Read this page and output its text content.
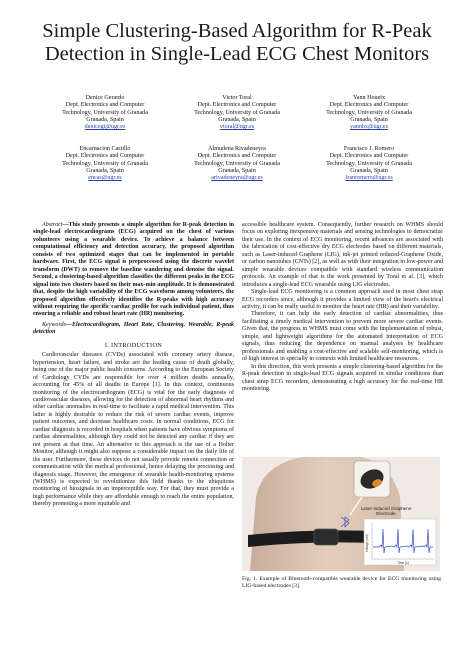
Simple Clustering-Based Algorithm for R-Peak
Detection in Single-Lead ECG Chest Monitors
Denice Gerardo
Dept. Electronics and Computer
Technology, University of Granada
Granada, Spain
denicegi@ugr.es
Victor Toral
Dept. Electronics and Computer
Technology, University of Granada
Granada, Spain
vtoral@ugr.es
Yann Houeix
Dept. Electronics and Computer
Technology, University of Granada
Granada, Spain
yannhx@ugr.es
Encarnacion Castillo
Dept. Electronics and Computer
Technology, University of Granada
Granada, Spain
encas@ugr.es
Almudena Rivadeneyra
Dept. Electronics and Computer
Technology, University of Granada
Granada, Spain
arivadeneyra@ugr.es
Francisco J. Romero
Dept. Electronics and Computer
Technology, University of Granada
Granada, Spain
franromero@ugr.es

Abstract—This study presents a simple algorithm for R-peak detection in single-lead electrocardiograms (ECG) acquired on the chest of various volunteers using a wearable device. To achieve a balance between computational efficiency and detection accuracy, the proposed algorithm consists of two optimized stages that can be implemented in portable hardware. First, the ECG signal is preprocessed using the discrete wavelet transform (DWT) to remove the baseline wandering and denoise the signal. Second, a clustering-based algorithm classifies the different peaks in the ECG signal into two clusters based on their max-min amplitude. It is demonstrated that, despite the high variability of the ECG waveform among volunteers, the proposed algorithm effectively identifies the R-peaks with high accuracy without requiring the specific cardiac profile for each individual patient, thus ensuring a reliable and robust heart rate (HR) monitoring.

Keywords—Electrocardiogram, Heart Rate, Clustering, Wearable, R-peak detection

I. INTRODUCTION

Cardiovascular diseases (CVDs) associated with coronary artery disease, hypertension, heart failure, and stroke are the leading cause of death globally, being one of the major public health concerns. According to the European Society of Cardiology CVDs are responsible for over 4 million deaths annually, accounting for 45% of all deaths in Europe [1]. In this context, continuous monitoring of the electrocardiogram (ECG) is vital for the early diagnosis of cardiovascular diseases, allowing for the detection of abnormal heart rhythms and other cardiac anomalies in real-time to facilitate a rapid medical intervention. This latter is highly desirable to reduce the risk of severe cardiac events, improve patient outcomes, and decrease healthcare costs. In normal conditions, ECG for cardiac diagnosis is recorded in hospitals when patients have obvious symptoms of cardiac abnormalities, although they could not be detected any cardiac if they are not present at that time. An alternative to this approach is the use of a Holter Monitor, although it might also suppose a considerable impact on the daily life of the user. Furthermore, these devices do not usually provide remote connection or communication with the medical professional, hence delaying the processing and diagnosis stage. However, the emergence of wearable health-monitoring systems (WHMS) is expected to revolutionize this field thanks to the ubiquitous monitoring of biosignals in an imperceptible way. For that, they must provide a high performance while they are affordable enough to reach the entire population, thereby promoting a more equitable and

accessible healthcare system. Consequently, further research on WHMS should focus on exploring inexpensive materials and sensing technologies to democratize their use. In the context of ECG monitoring, recent advances are associated with the fabrication of cost-effective dry ECG electrodes based on different materials, such as Laser-induced Graphene (LIG), ink-jet printed reduced-Graphene Oxide, or carbon nanotubes (CNTs) [2], as well as with their integration in low-power and simple wearable devices compatible with standard wireless communication protocols. An example of that is the work presented by Toral et al. [3], which introduces a single-lead ECG wearable using LIG electrodes.

Single-lead ECG monitoring is a common approach used in most chest strap ECG recorders since, although it provides a limited view of the heart's electrical activity, it can be really useful to monitor the heart rate (HR) and their variability.

Therefore, it can help the early detection of cardiac abnormalities, thus facilitating a timely medical intervention to prevent more severe cardiac events. Given that, the progress in WHMS must come with the implementation of robust, simple, and lightweight algorithms for the automated interpretation of ECG signals, thus reducing the dependence on manual analyses by healthcare professionals and enabling a cost-effective and scalable self-monitoring, which is of high interest in specially in contexts with limited healthcare resources.

In this direction, this work presents a simple clustering-based algorithm for the R-peak detection in single-lead ECG signals acquired in similar conditions than chest strap ECG recorders, demonstrating a high accuracy for the real-time HR monitoring.

Laser-induced Graphene
Electrode
Voltage (mV)
Time (s)
Fig. 1. Example of Bluetooth-compatible wearable device for ECG monitoring using LIG-based electrodes [3].
